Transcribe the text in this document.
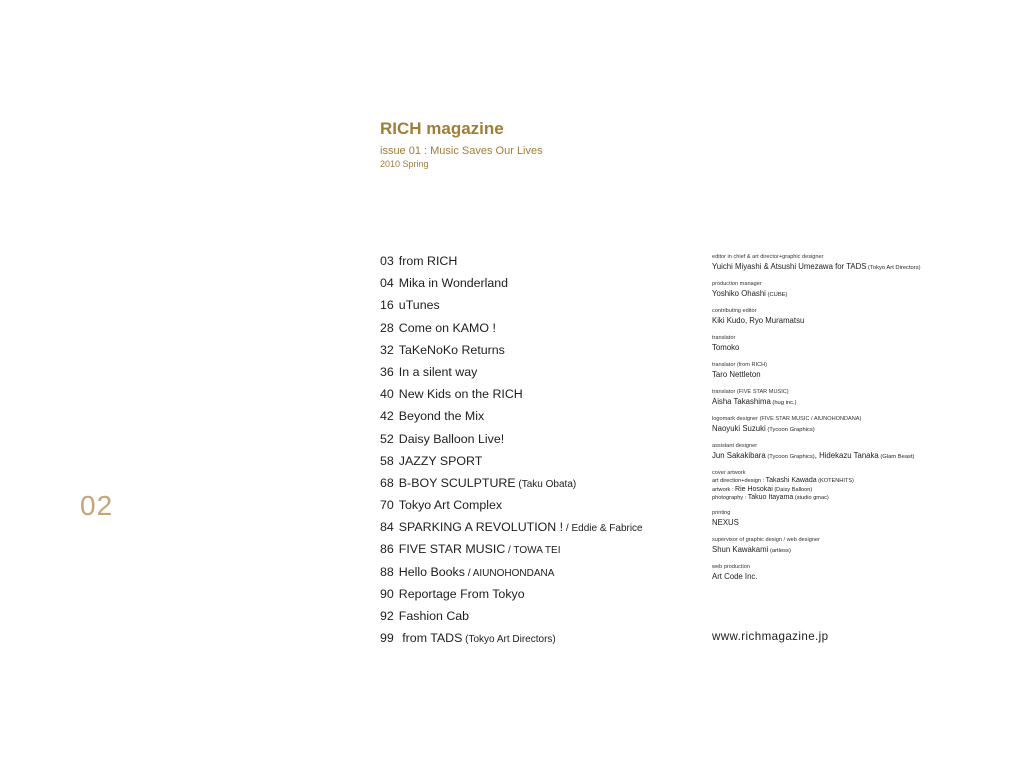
02
RICH magazine
issue 01 : Music Saves Our Lives
2010 Spring
03 from RICH
04 Mika in Wonderland
16 uTunes
28 Come on KAMO !
32 TaKeNoKo Returns
36 In a silent way
40 New Kids on the RICH
42 Beyond the Mix
52 Daisy Balloon Live!
58 JAZZY SPORT
68 B-BOY SCULPTURE (Taku Obata)
70 Tokyo Art Complex
84 SPARKING A REVOLUTION ! / Eddie & Fabrice
86 FIVE STAR MUSIC / TOWA TEI
88 Hello Books / AIUNOHONDANA
90 Reportage From Tokyo
92 Fashion Cab
99 from TADS (Tokyo Art Directors)
editor in chief & art director+graphic designer
Yuichi Miyashi & Atsushi Umezawa for TADS (Tokyo Art Directors)
production manager
Yoshiko Ohashi (CUBE)
contributing editor
Kiki Kudo, Ryo Muramatsu
translator
Tomoko
translator (from RICH)
Taro Nettleton
translator (FIVE STAR MUSIC)
Aisha Takashima (hug inc.)
logomark designer (FIVE STAR MUSIC / AIUNOHONDANA)
Naoyuki Suzuki (Tycoon Graphics)
assistant designer
Jun Sakakibara (Tycoon Graphics), Hidekazu Tanaka (Glam Beast)
cover artwork
art direction+design : Takashi Kawada (KOTENHITS)
artwork : Rie Hosokai (Daisy Balloon)
photography : Takuo Itayama (studio gmac)
printing
NEXUS
supervisor of graphic design / web designer
Shun Kawakami (artless)
web production
Art Code Inc.
www.richmagazine.jp
